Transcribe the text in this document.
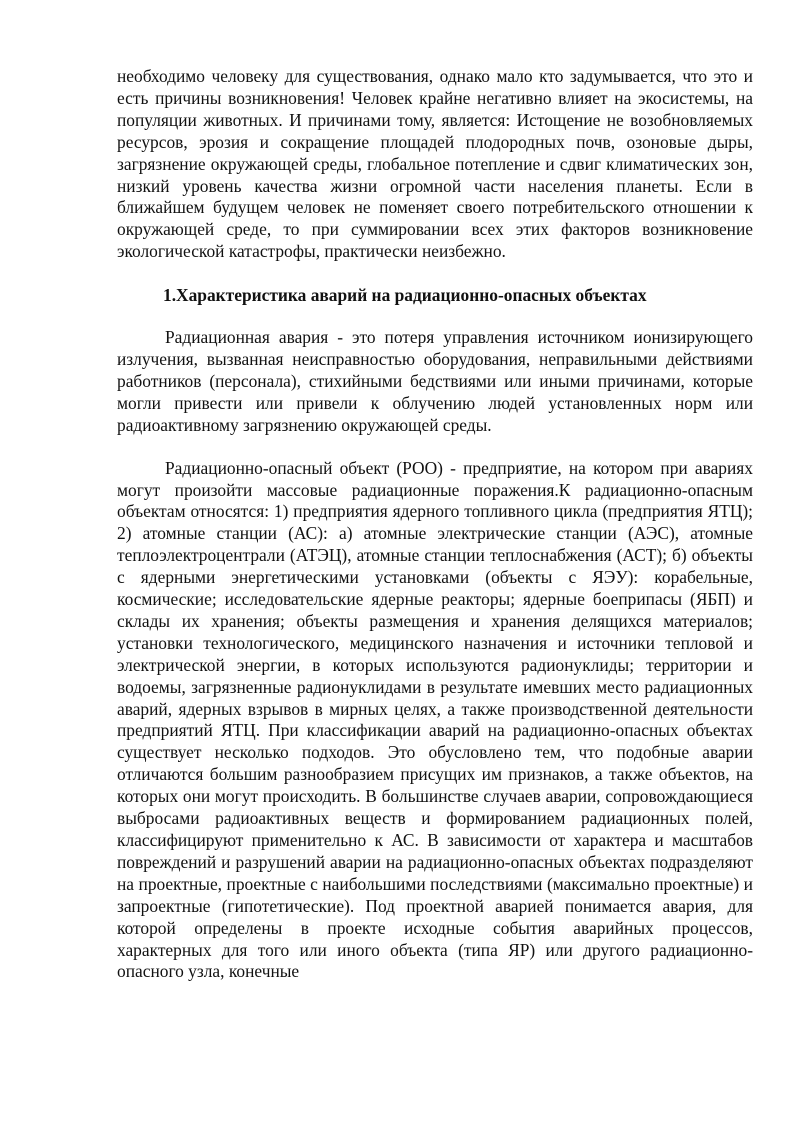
необходимо человеку для существования, однако мало кто задумывается, что это и есть причины возникновения! Человек крайне негативно влияет на экосистемы, на популяции животных. И причинами тому, является: Истощение не возобновляемых ресурсов, эрозия и сокращение площадей плодородных почв, озоновые дыры, загрязнение окружающей среды, глобальное потепление и сдвиг климатических зон, низкий уровень качества жизни огромной части населения планеты. Если в ближайшем будущем человек не поменяет своего потребительского отношении к окружающей среде, то при суммировании всех этих факторов возникновение экологической катастрофы, практически неизбежно.

1.Характеристика аварий на радиационно-опасных объектах

Радиационная авария - это потеря управления источником ионизирующего излучения, вызванная неисправностью оборудования, неправильными действиями работников (персонала), стихийными бедствиями или иными причинами, которые могли привести или привели к облучению людей установленных норм или радиоактивному загрязнению окружающей среды.

Радиационно-опасный объект (РОО) - предприятие, на котором при авариях могут произойти массовые радиационные поражения.К радиационно-опасным объектам относятся: 1) предприятия ядерного топливного цикла (предприятия ЯТЦ); 2) атомные станции (АС): а) атомные электрические станции (АЭС), атомные теплоэлектроцентрали (АТЭЦ), атомные станции теплоснабжения (АСТ); б) объекты с ядерными энергетическими установками (объекты с ЯЭУ): корабельные, космические; исследовательские ядерные реакторы; ядерные боеприпасы (ЯБП) и склады их хранения; объекты размещения и хранения делящихся материалов; установки технологического, медицинского назначения и источники тепловой и электрической энергии, в которых используются радионуклиды; территории и водоемы, загрязненные радионуклидами в результате имевших место радиационных аварий, ядерных взрывов в мирных целях, а также производственной деятельности предприятий ЯТЦ. При классификации аварий на радиационно-опасных объектах существует несколько подходов. Это обусловлено тем, что подобные аварии отличаются большим разнообразием присущих им признаков, а также объектов, на которых они могут происходить. В большинстве случаев аварии, сопровождающиеся выбросами радиоактивных веществ и формированием радиационных полей, классифицируют применительно к АС. В зависимости от характера и масштабов повреждений и разрушений аварии на радиационно-опасных объектах подразделяют на проектные, проектные с наибольшими последствиями (максимально проектные) и запроектные (гипотетические). Под проектной аварией понимается авария, для которой определены в проекте исходные события аварийных процессов, характерных для того или иного объекта (типа ЯР) или другого радиационно-опасного узла, конечные
